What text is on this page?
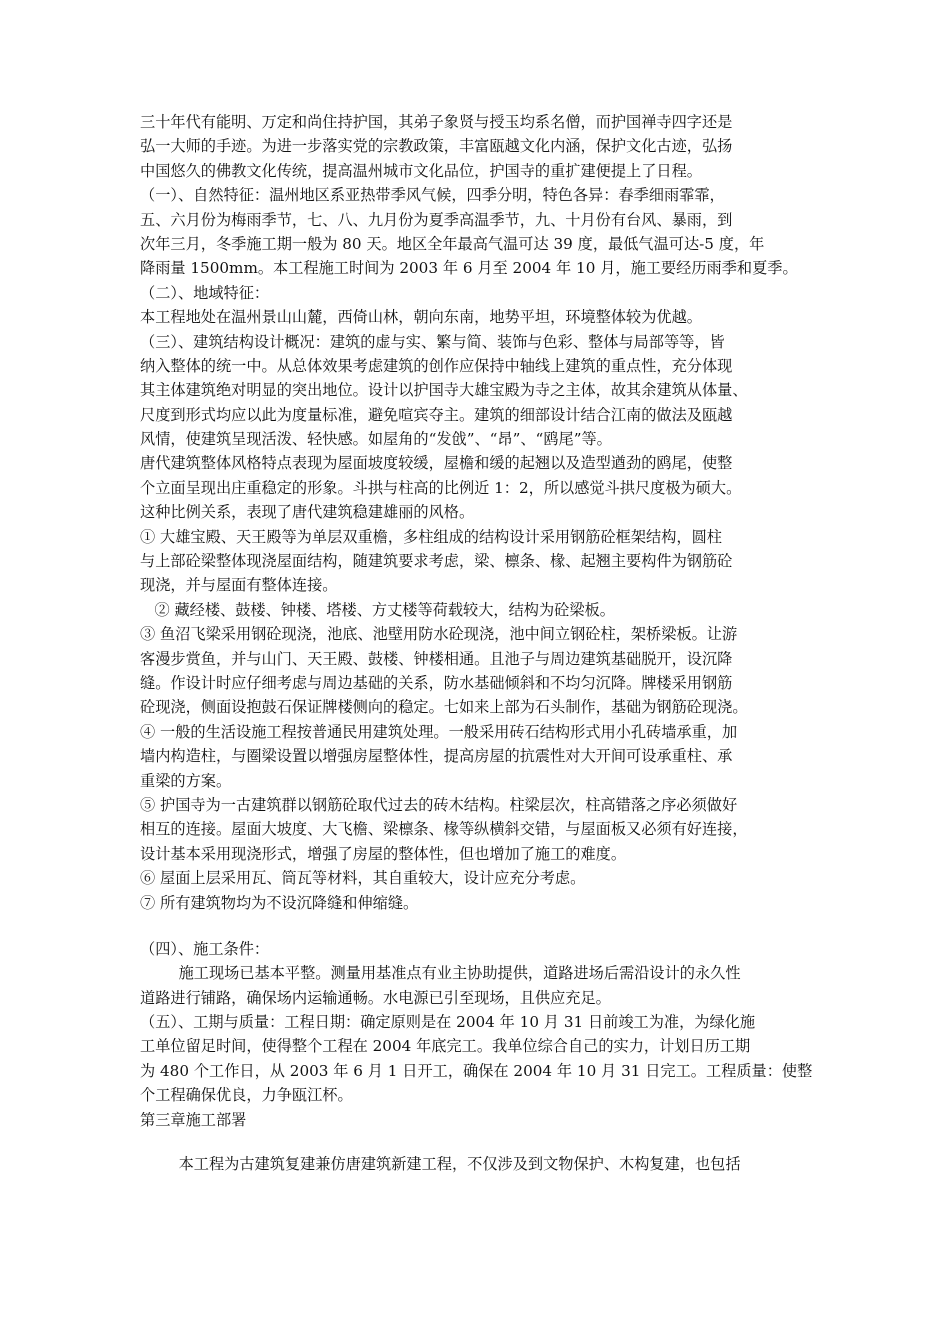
三十年代有能明、万定和尚住持护国，其弟子象贤与授玉均系名僧，而护国禅寺四字还是
弘一大师的手迹。为进一步落实党的宗教政策，丰富瓯越文化内涵，保护文化古迹，弘扬
中国悠久的佛教文化传统，提高温州城市文化品位，护国寺的重扩建便提上了日程。
（一）、自然特征：温州地区系亚热带季风气候，四季分明，特色各异：春季细雨霏霏，
五、六月份为梅雨季节，七、八、九月份为夏季高温季节，九、十月份有台风、暴雨，到
次年三月，冬季施工期一般为 80 天。地区全年最高气温可达 39 度，最低气温可达-5 度，年
降雨量 1500mm。本工程施工时间为 2003 年 6 月至 2004 年 10 月，施工要经历雨季和夏季。
（二）、地域特征：
本工程地处在温州景山山麓，西倚山林，朝向东南，地势平坦，环境整体较为优越。
（三）、建筑结构设计概况：建筑的虚与实、繁与简、装饰与色彩、整体与局部等等，皆
纳入整体的统一中。从总体效果考虑建筑的创作应保持中轴线上建筑的重点性，充分体现
其主体建筑绝对明显的突出地位。设计以护国寺大雄宝殿为寺之主体，故其余建筑从体量、
尺度到形式均应以此为度量标准，避免喧宾夺主。建筑的细部设计结合江南的做法及瓯越
风情，使建筑呈现活泼、轻快感。如屋角的“发戗”、“昂”、“鸥尾”等。
唐代建筑整体风格特点表现为屋面坡度较缓，屋檐和缓的起翘以及造型遒劲的鸥尾，使整
个立面呈现出庄重稳定的形象。斗拱与柱高的比例近 1：2，所以感觉斗拱尺度极为硕大。
这种比例关系，表现了唐代建筑稳建雄丽的风格。
① 大雄宝殿、天王殿等为单层双重檐，多柱组成的结构设计采用钢筋砼框架结构，圆柱
与上部砼梁整体现浇屋面结构，随建筑要求考虑，梁、檩条、椽、起翘主要构件为钢筋砼
现浇，并与屋面有整体连接。
② 藏经楼、鼓楼、钟楼、塔楼、方丈楼等荷载较大，结构为砼梁板。
③ 鱼沼飞梁采用钢砼现浇，池底、池壁用防水砼现浇，池中间立钢砼柱，架桥梁板。让游
客漫步赏鱼，并与山门、天王殿、鼓楼、钟楼相通。且池子与周边建筑基础脱开，设沉降
缝。作设计时应仔细考虑与周边基础的关系，防水基础倾斜和不均匀沉降。牌楼采用钢筋
砼现浇，侧面设抱鼓石保证牌楼侧向的稳定。七如来上部为石头制作，基础为钢筋砼现浇。
④ 一般的生活设施工程按普通民用建筑处理。一般采用砖石结构形式用小孔砖墙承重，加
墙内构造柱，与圈梁设置以增强房屋整体性，提高房屋的抗震性对大开间可设承重柱、承
重梁的方案。
⑤ 护国寺为一古建筑群以钢筋砼取代过去的砖木结构。柱梁层次，柱高错落之序必须做好
相互的连接。屋面大坡度、大飞檐、梁檩条、椽等纵横斜交错，与屋面板又必须有好连接，
设计基本采用现浇形式，增强了房屋的整体性，但也增加了施工的难度。
⑥ 屋面上层采用瓦、筒瓦等材料，其自重较大，设计应充分考虑。
⑦ 所有建筑物均为不设沉降缝和伸缩缝。
（四）、施工条件：
施工现场已基本平整。测量用基准点有业主协助提供，道路进场后需沿设计的永久性
道路进行铺路，确保场内运输通畅。水电源已引至现场，且供应充足。
（五）、工期与质量：工程日期：确定原则是在 2004 年 10 月 31 日前竣工为准，为绿化施
工单位留足时间，使得整个工程在 2004 年底完工。我单位综合自己的实力，计划日历工期
为 480 个工作日，从 2003 年 6 月 1 日开工，确保在 2004 年 10 月 31 日完工。工程质量：使整
个工程确保优良，力争瓯江杯。
第三章施工部署
本工程为古建筑复建兼仿唐建筑新建工程，不仅涉及到文物保护、木构复建，也包括
